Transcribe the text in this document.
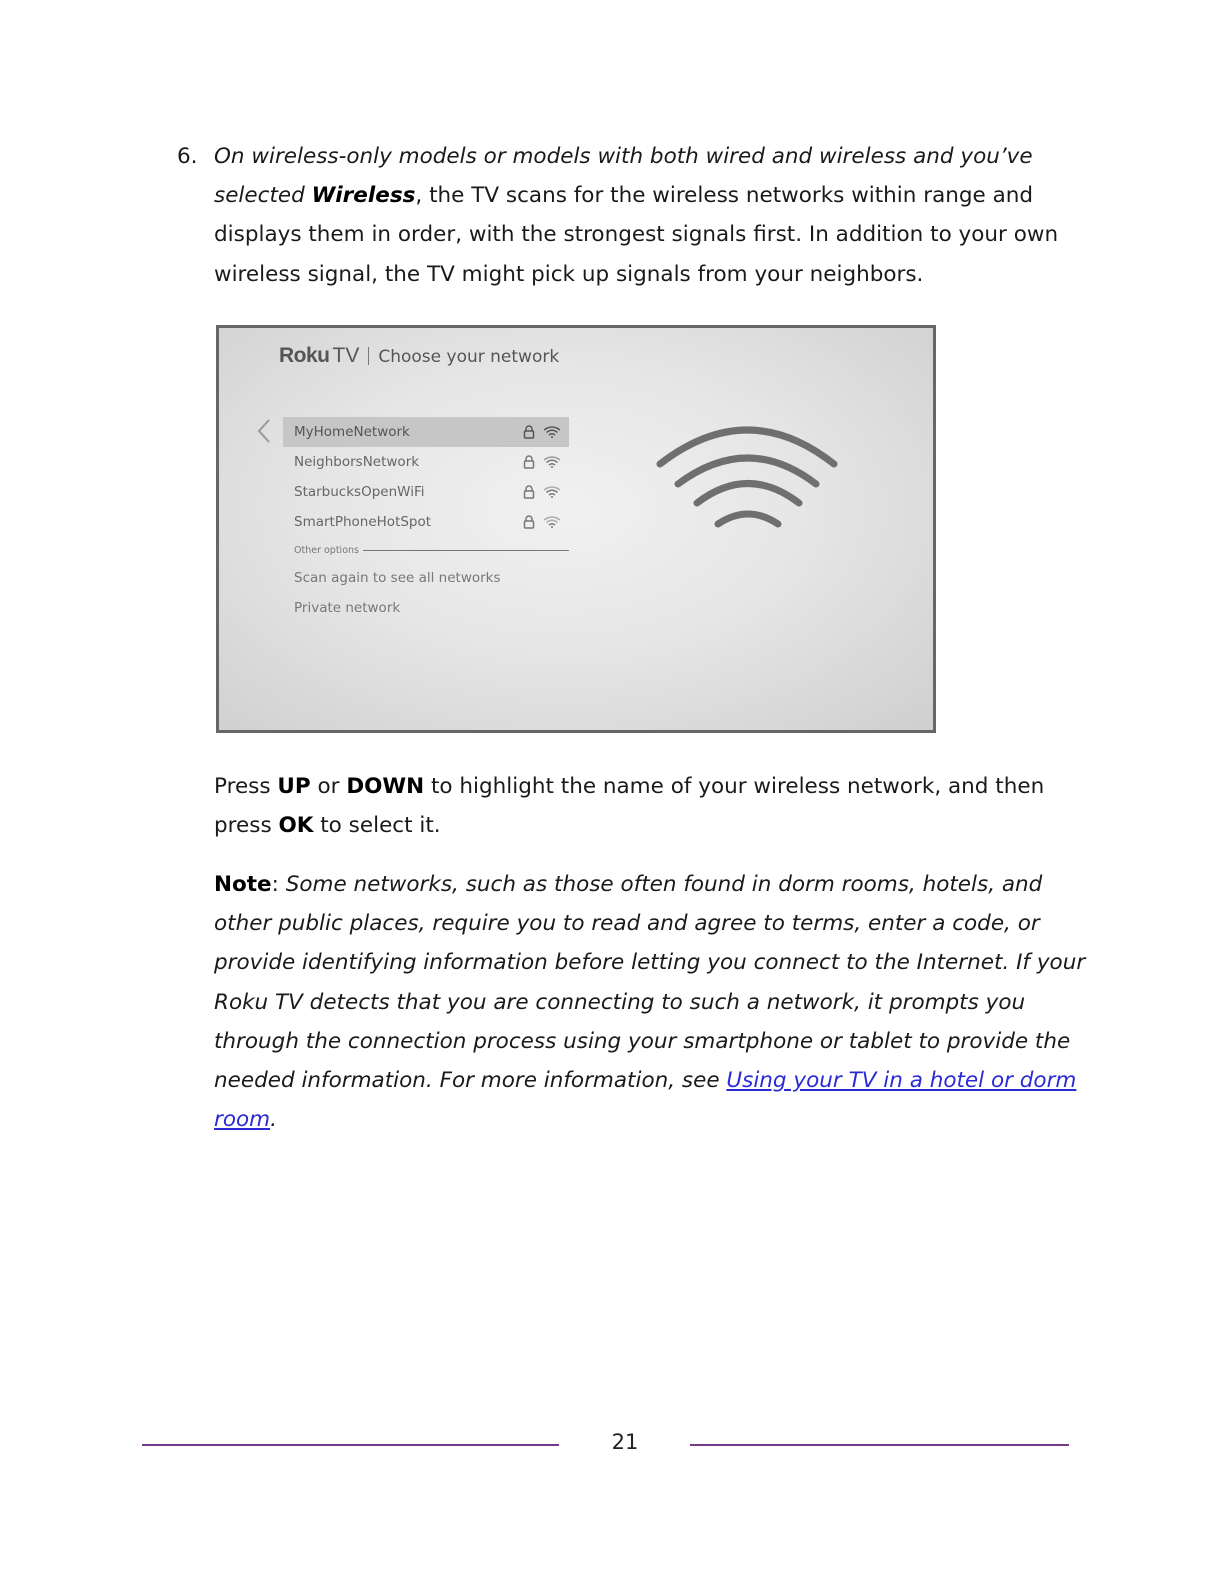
6. On wireless-only models or models with both wired and wireless and you’ve selected Wireless, the TV scans for the wireless networks within range and displays them in order, with the strongest signals first. In addition to your own wireless signal, the TV might pick up signals from your neighbors.

Roku TV Choose your network
MyHomeNetwork
NeighborsNetwork
StarbucksOpenWiFi
SmartPhoneHotSpot
Other options
Scan again to see all networks
Private network

Press UP or DOWN to highlight the name of your wireless network, and then press OK to select it.

Note: Some networks, such as those often found in dorm rooms, hotels, and other public places, require you to read and agree to terms, enter a code, or provide identifying information before letting you connect to the Internet. If your Roku TV detects that you are connecting to such a network, it prompts you through the connection process using your smartphone or tablet to provide the needed information. For more information, see Using your TV in a hotel or dorm room.

21
